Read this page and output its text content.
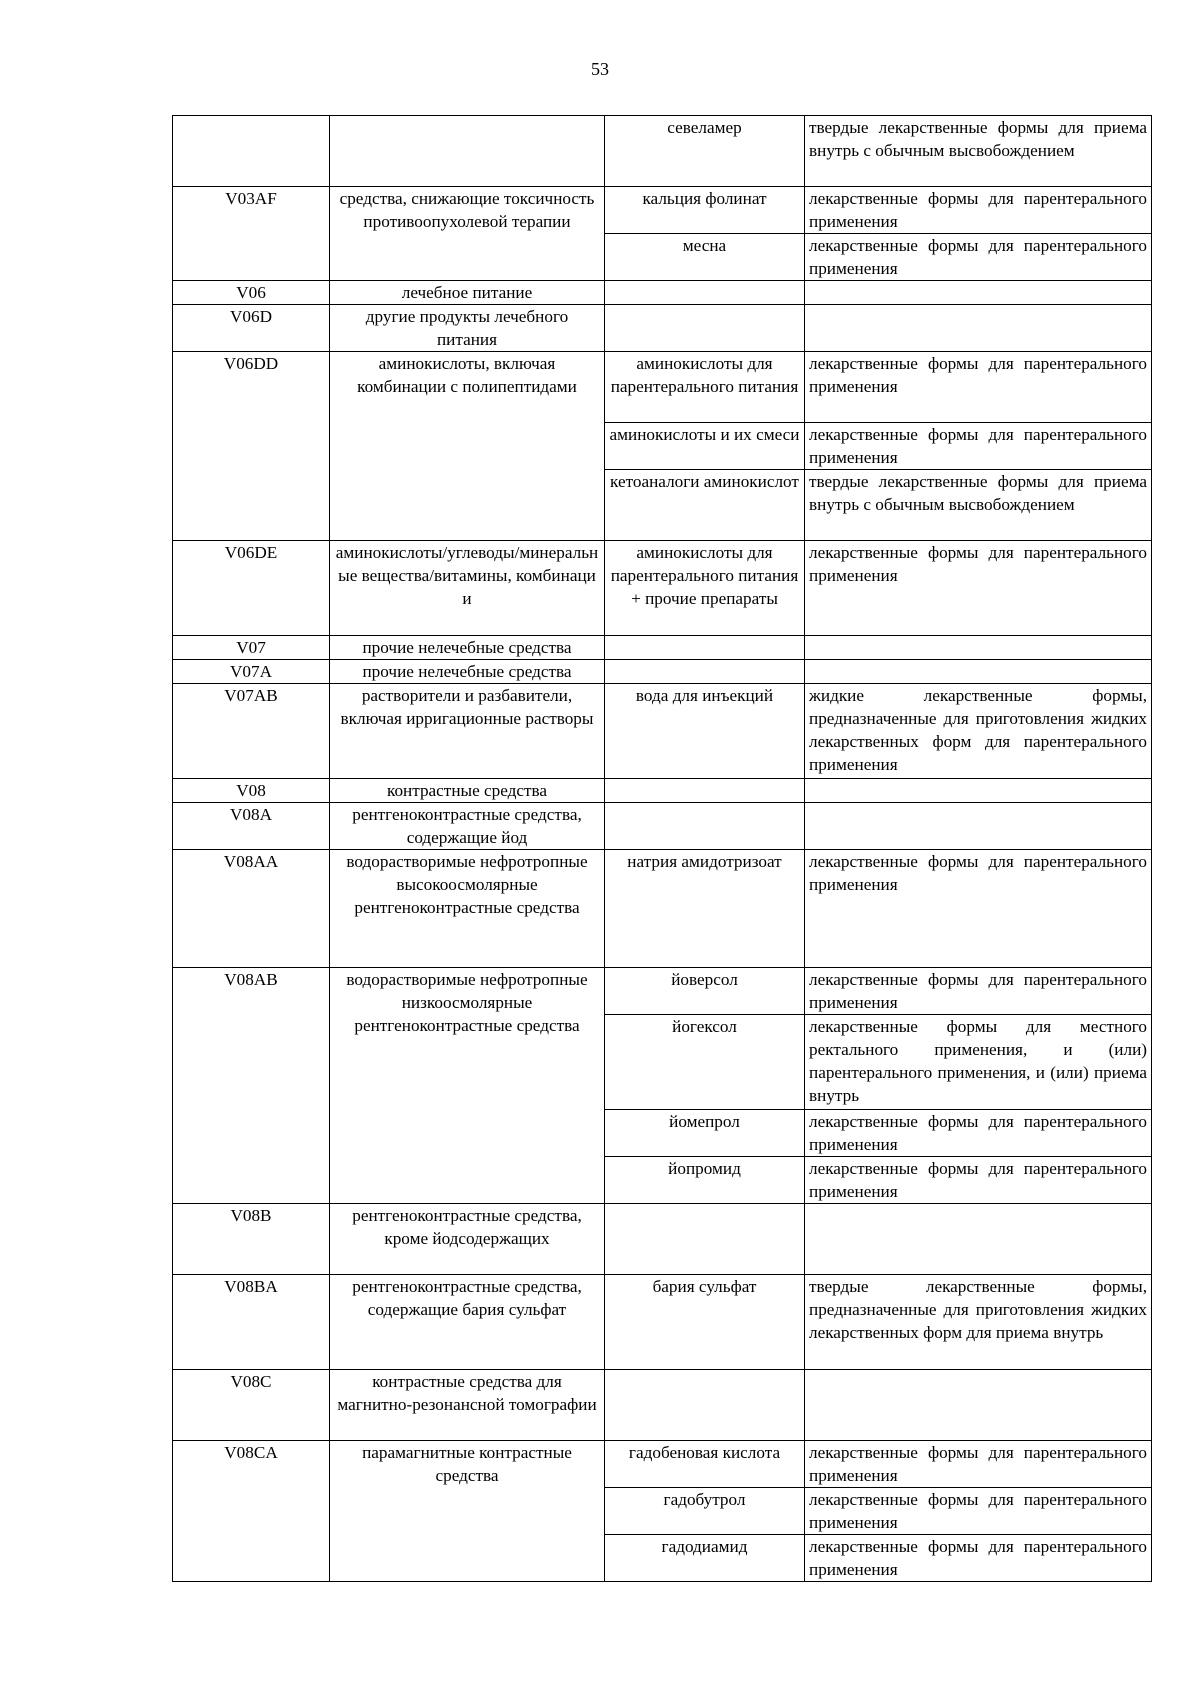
53
		севеламер	твердые лекарственные формы для приема внутрь с обычным высвобождением
V03AF	средства, снижающие токсичность противоопухолевой терапии	кальция фолинат	лекарственные формы для парентерального применения
		месна	лекарственные формы для парентерального применения
V06	лечебное питание		
V06D	другие продукты лечебного питания		
V06DD	аминокислоты, включая комбинации с полипептидами	аминокислоты для парентерального питания	лекарственные формы для парентерального применения
		аминокислоты и их смеси	лекарственные формы для парентерального применения
		кетоаналоги аминокислот	твердые лекарственные формы для приема внутрь с обычным высвобождением
V06DE	аминокислоты/углеводы/минеральные вещества/витамины, комбинации	аминокислоты для парентерального питания + прочие препараты	лекарственные формы для парентерального применения
V07	прочие нелечебные средства		
V07A	прочие нелечебные средства		
V07AB	растворители и разбавители, включая ирригационные растворы	вода для инъекций	жидкие лекарственные формы, предназначенные для приготовления жидких лекарственных форм для парентерального применения
V08	контрастные средства		
V08A	рентгеноконтрастные средства, содержащие йод		
V08AA	водорастворимые нефротропные высокоосмолярные рентгеноконтрастные средства	натрия амидотризоат	лекарственные формы для парентерального применения
V08AB	водорастворимые нефротропные низкоосмолярные рентгеноконтрастные средства	йоверсол	лекарственные формы для парентерального применения
		йогексол	лекарственные формы для местного ректального применения, и (или) парентерального применения, и (или) приема внутрь
		йомепрол	лекарственные формы для парентерального применения
		йопромид	лекарственные формы для парентерального применения
V08B	рентгеноконтрастные средства, кроме йодсодержащих		
V08BA	рентгеноконтрастные средства, содержащие бария сульфат	бария сульфат	твердые лекарственные формы, предназначенные для приготовления жидких лекарственных форм для приема внутрь
V08C	контрастные средства для магнитно-резонансной томографии		
V08CA	парамагнитные контрастные средства	гадобеновая кислота	лекарственные формы для парентерального применения
		гадобутрол	лекарственные формы для парентерального применения
		гадодиамид	лекарственные формы для парентерального применения
